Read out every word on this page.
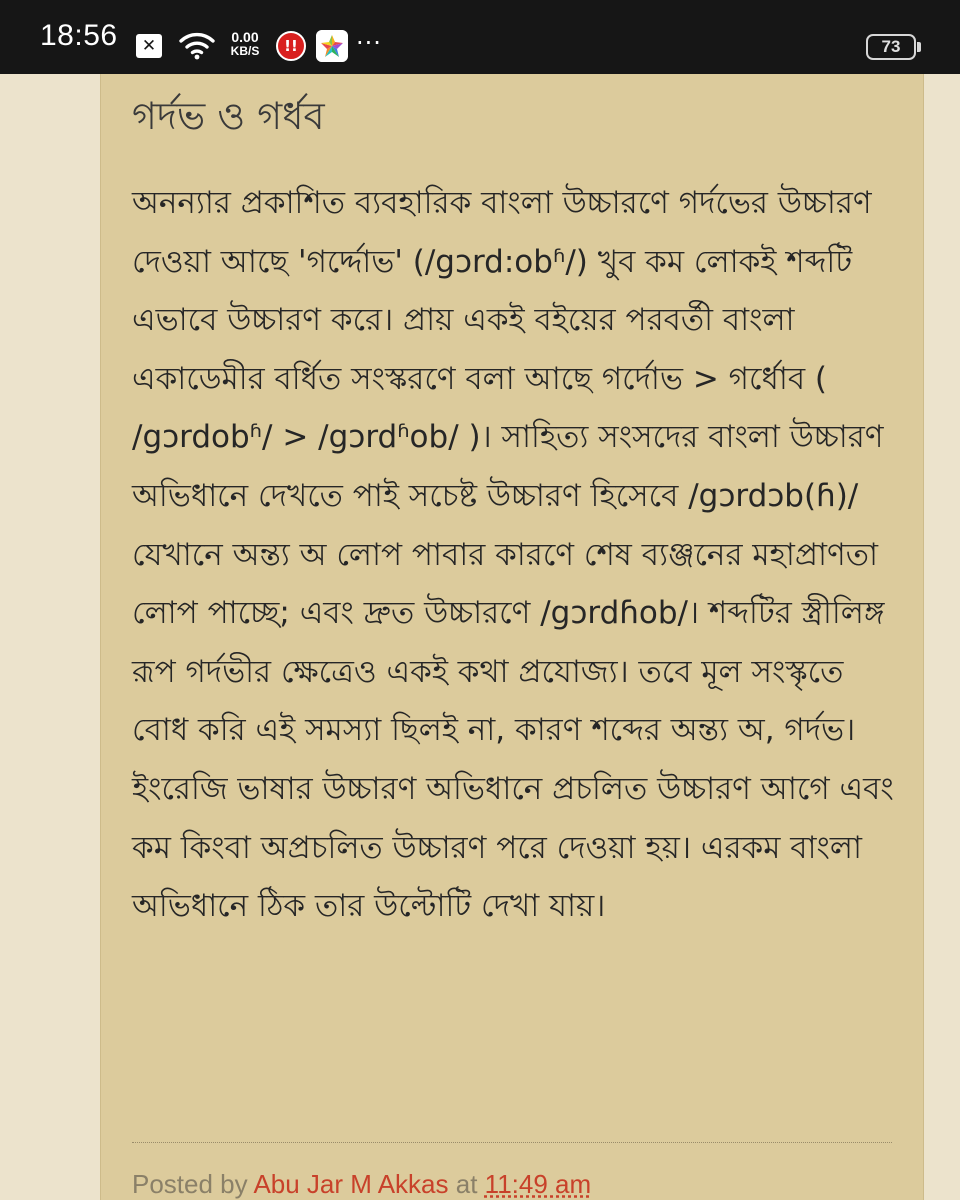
18:56	✕	0.00
KB/S	!!	···	73
গর্দভ ও গর্ধব

অনন্যার প্রকাশিত ব্যবহারিক বাংলা উচ্চারণে গর্দভের উচ্চারণ দেওয়া আছে 'গর্দ্দোভ' (/gɔrd:obʱ/) খুব কম লোকই শব্দটি এভাবে উচ্চারণ করে। প্রায় একই বইয়ের পরবর্তী বাংলা একাডেমীর বর্ধিত সংস্করণে বলা আছে গর্দোভ > গর্ধোব ( /gɔrdobʱ/ > /gɔrdʱob/ )। সাহিত্য সংসদের বাংলা উচ্চারণ অভিধানে দেখতে পাই সচেষ্ট উচ্চারণ হিসেবে /gɔrdɔb(ɦ)/ যেখানে অন্ত্য অ লোপ পাবার কারণে শেষ ব্যঞ্জনের মহাপ্রাণতা লোপ পাচ্ছে; এবং দ্রুত উচ্চারণে /gɔrdɦob/। শব্দটির স্ত্রীলিঙ্গ রূপ গর্দভীর ক্ষেত্রেও একই কথা প্রযোজ্য। তবে মূল সংস্কৃতে বোধ করি এই সমস্যা ছিলই না, কারণ শব্দের অন্ত্য অ, গর্দভ। ইংরেজি ভাষার উচ্চারণ অভিধানে প্রচলিত উচ্চারণ আগে এবং কম কিংবা অপ্রচলিত উচ্চারণ পরে দেওয়া হয়। এরকম বাংলা অভিধানে ঠিক তার উল্টোটি দেখা যায়।

Posted by Abu Jar M Akkas at 11:49 am
